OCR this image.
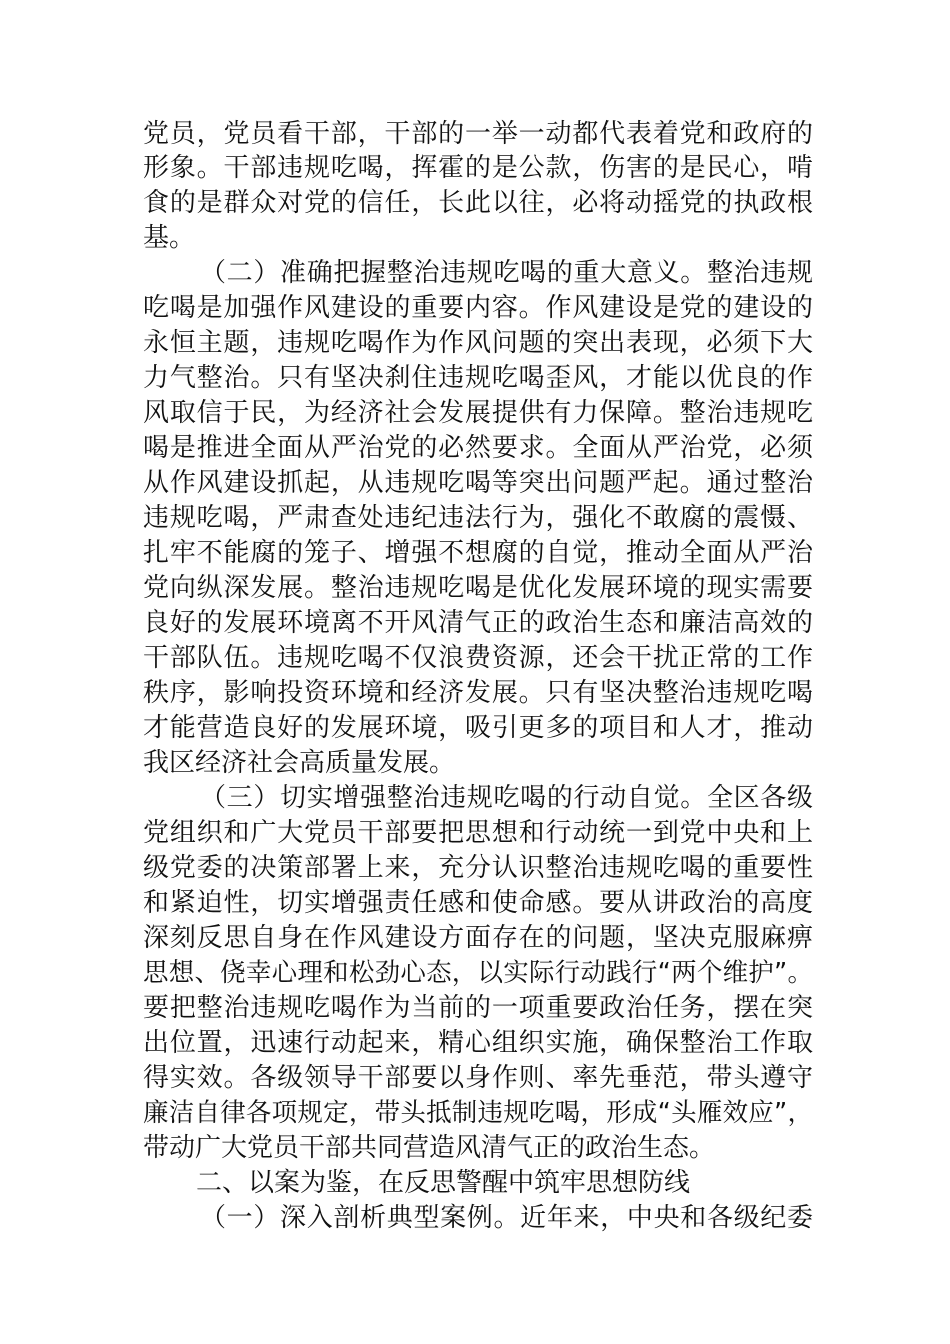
党员，党员看干部，干部的一举一动都代表着党和政府的
形象。干部违规吃喝，挥霍的是公款，伤害的是民心，啃
食的是群众对党的信任，长此以往，必将动摇党的执政根
基。
（二）准确把握整治违规吃喝的重大意义。整治违规
吃喝是加强作风建设的重要内容。作风建设是党的建设的
永恒主题，违规吃喝作为作风问题的突出表现，必须下大
力气整治。只有坚决刹住违规吃喝歪风，才能以优良的作
风取信于民，为经济社会发展提供有力保障。整治违规吃
喝是推进全面从严治党的必然要求。全面从严治党，必须
从作风建设抓起，从违规吃喝等突出问题严起。通过整治
违规吃喝，严肃查处违纪违法行为，强化不敢腐的震慑、
扎牢不能腐的笼子、增强不想腐的自觉，推动全面从严治
党向纵深发展。整治违规吃喝是优化发展环境的现实需要
良好的发展环境离不开风清气正的政治生态和廉洁高效的
干部队伍。违规吃喝不仅浪费资源，还会干扰正常的工作
秩序，影响投资环境和经济发展。只有坚决整治违规吃喝
才能营造良好的发展环境，吸引更多的项目和人才，推动
我区经济社会高质量发展。
（三）切实增强整治违规吃喝的行动自觉。全区各级
党组织和广大党员干部要把思想和行动统一到党中央和上
级党委的决策部署上来，充分认识整治违规吃喝的重要性
和紧迫性，切实增强责任感和使命感。要从讲政治的高度
深刻反思自身在作风建设方面存在的问题，坚决克服麻痹
思想、侥幸心理和松劲心态，以实际行动践行“两个维护”。
要把整治违规吃喝作为当前的一项重要政治任务，摆在突
出位置，迅速行动起来，精心组织实施，确保整治工作取
得实效。各级领导干部要以身作则、率先垂范，带头遵守
廉洁自律各项规定，带头抵制违规吃喝，形成“头雁效应”，
带动广大党员干部共同营造风清气正的政治生态。
二、以案为鉴，在反思警醒中筑牢思想防线
（一）深入剖析典型案例。近年来，中央和各级纪委
